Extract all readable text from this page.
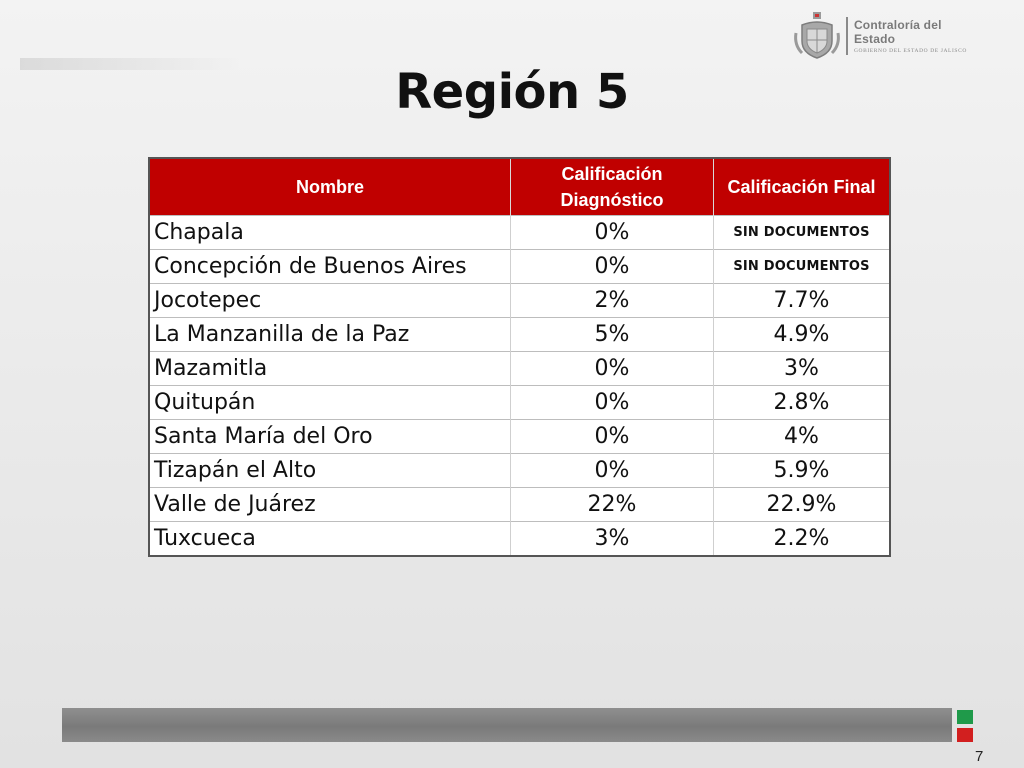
Contraloría del Estado
GOBIERNO DEL ESTADO DE JALISCO
Región 5
Nombre	Calificación Diagnóstico	Calificación Final
Chapala	0%	SIN DOCUMENTOS
Concepción de Buenos Aires	0%	SIN DOCUMENTOS
Jocotepec	2%	7.7%
La Manzanilla de la Paz	5%	4.9%
Mazamitla	0%	3%
Quitupán	0%	2.8%
Santa María del Oro	0%	4%
Tizapán el Alto	0%	5.9%
Valle de Juárez	22%	22.9%
Tuxcueca	3%	2.2%
7
